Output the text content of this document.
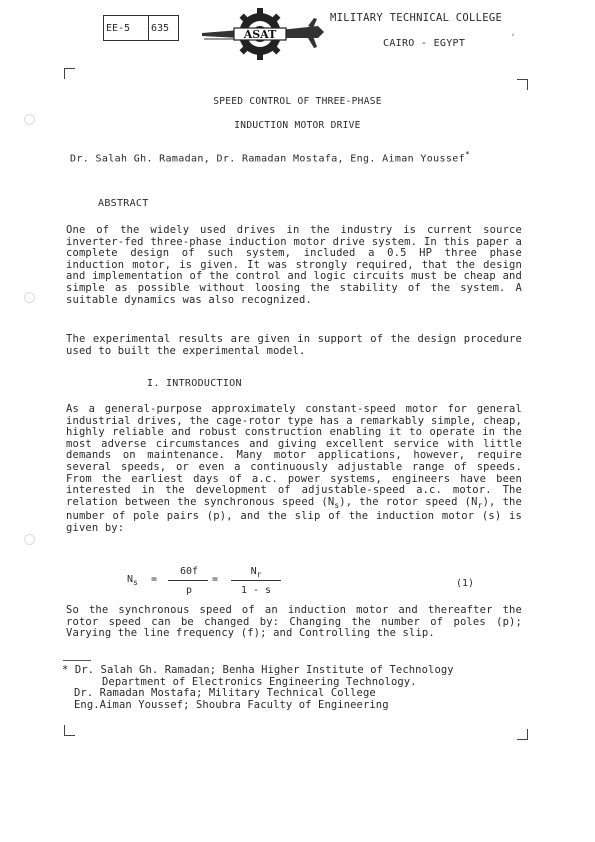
EE-5	635	ASAT
MILITARY TECHNICAL COLLEGE
CAIRO - EGYPT
°
SPEED CONTROL OF THREE-PHASE
INDUCTION MOTOR DRIVE
Dr. Salah Gh. Ramadan, Dr. Ramadan Mostafa, Eng. Aiman Youssef*
ABSTRACT
One of the widely used drives in the industry is current source inverter-fed three-phase induction motor drive system. In this paper a complete design of such system, included a 0.5 HP three phase induction motor, is given. It was strongly required, that the design and implementation of the control and logic circuits must be cheap and simple as possible without loosing the stability of the system. A suitable dynamics was also recognized.
The experimental results are given in support of the design procedure used to built the experimental model.
I. INTRODUCTION
As a general-purpose approximately constant-speed motor for general industrial drives, the cage-rotor type has a remarkably simple, cheap, highly reliable and robust construction enabling it to operate in the most adverse circumstances and giving excellent service with little demands on maintenance. Many motor applications, however, require several speeds, or even a continuously adjustable range of speeds. From the earliest days of a.c. power systems, engineers have been interested in the development of adjustable-speed a.c. motor. The relation between the synchronous speed $(N_s)$, the rotor speed $(N_r)$, the number of pole pairs (p), and the slip of the induction motor (s) is given by:
$N_s$ =
60f
p
=
$N_r$
1 - s
(1)
So the synchronous speed of an induction motor and thereafter the rotor speed can be changed by: Changing the number of poles (p); Varying the line frequency (f); and Controlling the slip.
* Dr. Salah Gh. Ramadan; Benha Higher Institute of Technology
Department of Electronics Engineering Technology.
Dr. Ramadan Mostafa; Military Technical College
Eng.Aiman Youssef; Shoubra Faculty of Engineering
